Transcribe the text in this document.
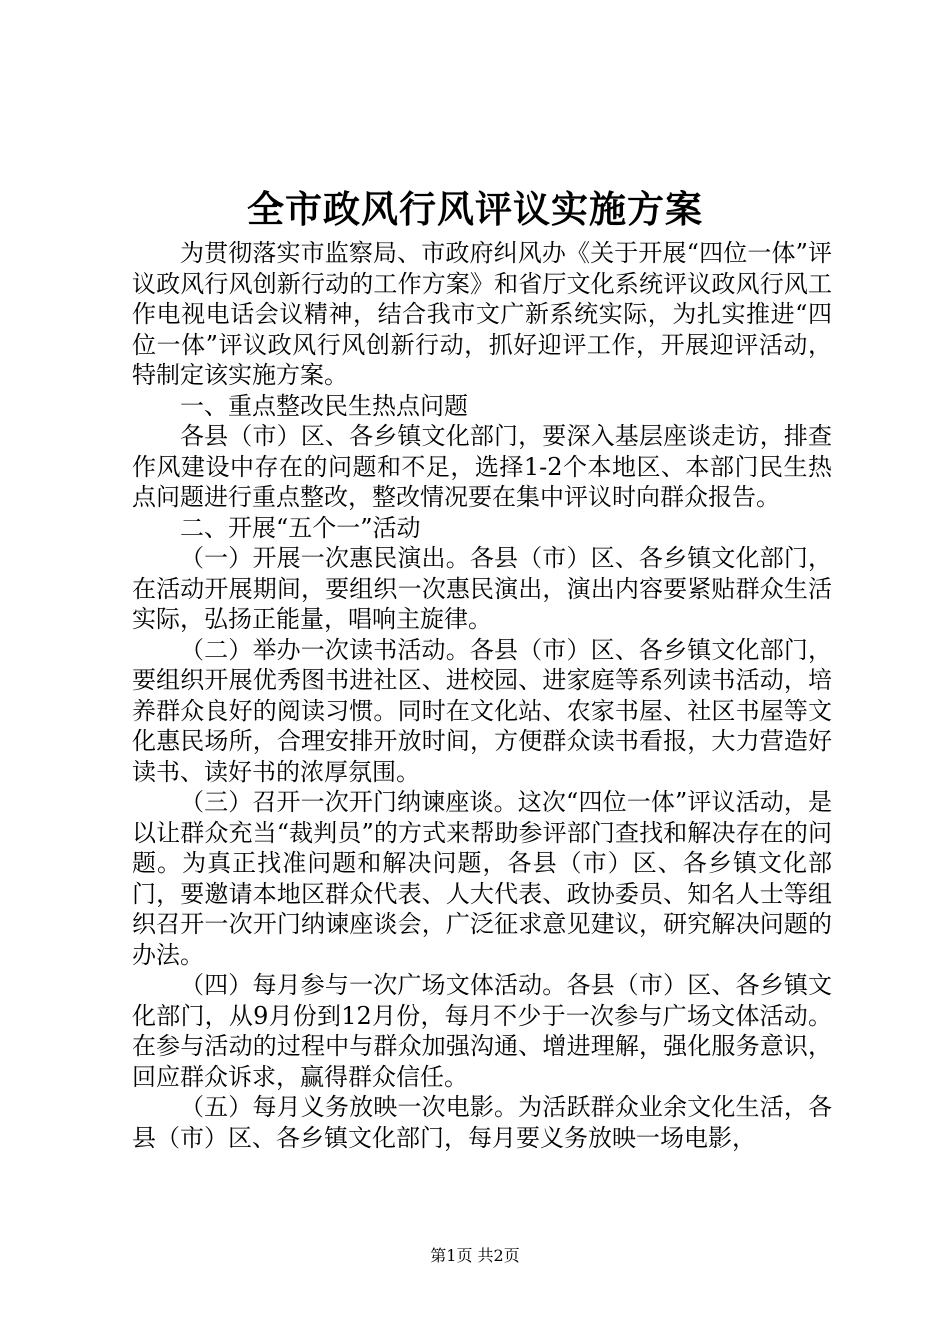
全市政风行风评议实施方案

为贯彻落实市监察局、市政府纠风办《关于开展“四位一体”评议政风行风创新行动的工作方案》和省厅文化系统评议政风行风工作电视电话会议精神，结合我市文广新系统实际，为扎实推进“四位一体”评议政风行风创新行动，抓好迎评工作，开展迎评活动，特制定该实施方案。

一、重点整改民生热点问题

各县（市）区、各乡镇文化部门，要深入基层座谈走访，排查作风建设中存在的问题和不足，选择1-2个本地区、本部门民生热点问题进行重点整改，整改情况要在集中评议时向群众报告。

二、开展“五个一”活动

（一）开展一次惠民演出。各县（市）区、各乡镇文化部门，在活动开展期间，要组织一次惠民演出，演出内容要紧贴群众生活实际，弘扬正能量，唱响主旋律。

（二）举办一次读书活动。各县（市）区、各乡镇文化部门，要组织开展优秀图书进社区、进校园、进家庭等系列读书活动，培养群众良好的阅读习惯。同时在文化站、农家书屋、社区书屋等文化惠民场所，合理安排开放时间，方便群众读书看报，大力营造好读书、读好书的浓厚氛围。

（三）召开一次开门纳谏座谈。这次“四位一体”评议活动，是以让群众充当“裁判员”的方式来帮助参评部门查找和解决存在的问题。为真正找准问题和解决问题，各县（市）区、各乡镇文化部门，要邀请本地区群众代表、人大代表、政协委员、知名人士等组织召开一次开门纳谏座谈会，广泛征求意见建议，研究解决问题的办法。

（四）每月参与一次广场文体活动。各县（市）区、各乡镇文化部门，从9月份到12月份，每月不少于一次参与广场文体活动。在参与活动的过程中与群众加强沟通、增进理解，强化服务意识，回应群众诉求，赢得群众信任。

（五）每月义务放映一次电影。为活跃群众业余文化生活，各县（市）区、各乡镇文化部门，每月要义务放映一场电影，

第1页 共2页
